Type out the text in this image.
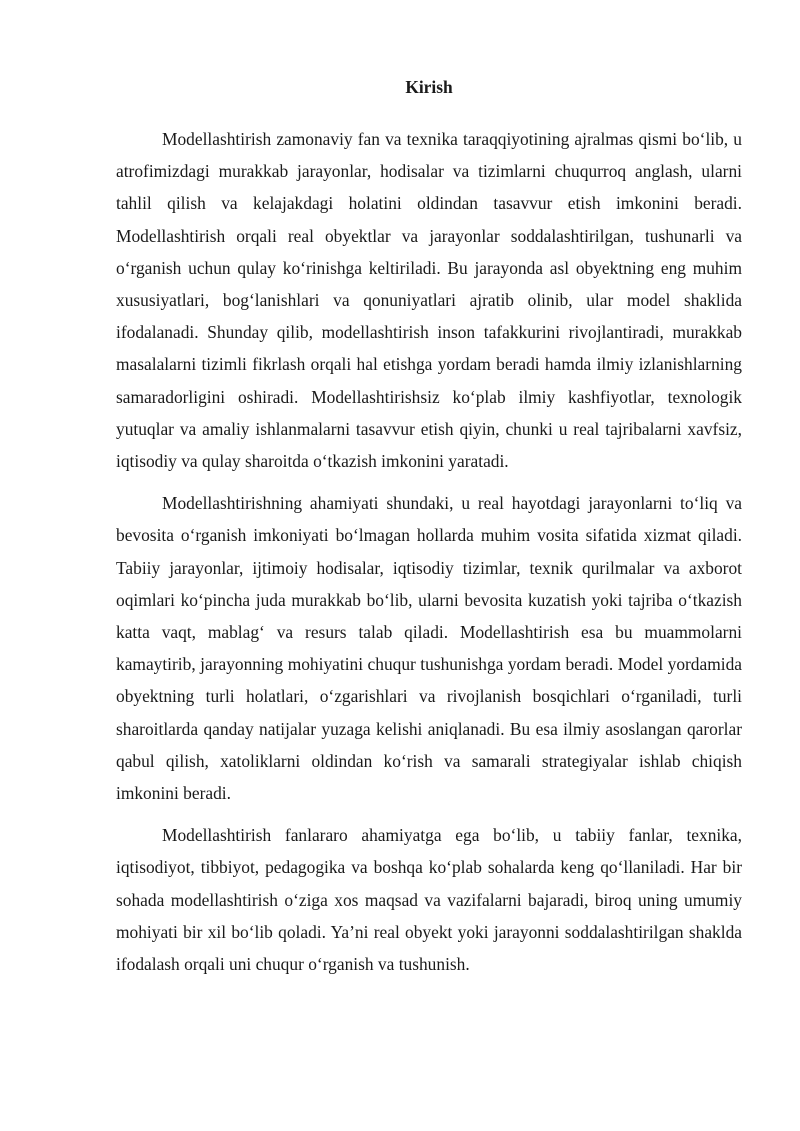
Kirish

Modellashtirish zamonaviy fan va texnika taraqqiyotining ajralmas qismi bo‘lib, u atrofimizdagi murakkab jarayonlar, hodisalar va tizimlarni chuqurroq anglash, ularni tahlil qilish va kelajakdagi holatini oldindan tasavvur etish imkonini beradi. Modellashtirish orqali real obyektlar va jarayonlar soddalashtirilgan, tushunarli va o‘rganish uchun qulay ko‘rinishga keltiriladi. Bu jarayonda asl obyektning eng muhim xususiyatlari, bog‘lanishlari va qonuniyatlari ajratib olinib, ular model shaklida ifodalanadi. Shunday qilib, modellashtirish inson tafakkurini rivojlantiradi, murakkab masalalarni tizimli fikrlash orqali hal etishga yordam beradi hamda ilmiy izlanishlarning samaradorligini oshiradi. Modellashtirishsiz ko‘plab ilmiy kashfiyotlar, texnologik yutuqlar va amaliy ishlanmalarni tasavvur etish qiyin, chunki u real tajribalarni xavfsiz, iqtisodiy va qulay sharoitda o‘tkazish imkonini yaratadi.

Modellashtirishning ahamiyati shundaki, u real hayotdagi jarayonlarni to‘liq va bevosita o‘rganish imkoniyati bo‘lmagan hollarda muhim vosita sifatida xizmat qiladi. Tabiiy jarayonlar, ijtimoiy hodisalar, iqtisodiy tizimlar, texnik qurilmalar va axborot oqimlari ko‘pincha juda murakkab bo‘lib, ularni bevosita kuzatish yoki tajriba o‘tkazish katta vaqt, mablag‘ va resurs talab qiladi. Modellashtirish esa bu muammolarni kamaytirib, jarayonning mohiyatini chuqur tushunishga yordam beradi. Model yordamida obyektning turli holatlari, o‘zgarishlari va rivojlanish bosqichlari o‘rganiladi, turli sharoitlarda qanday natijalar yuzaga kelishi aniqlanadi. Bu esa ilmiy asoslangan qarorlar qabul qilish, xatoliklarni oldindan ko‘rish va samarali strategiyalar ishlab chiqish imkonini beradi.

Modellashtirish fanlararo ahamiyatga ega bo‘lib, u tabiiy fanlar, texnika, iqtisodiyot, tibbiyot, pedagogika va boshqa ko‘plab sohalarda keng qo‘llaniladi. Har bir sohada modellashtirish o‘ziga xos maqsad va vazifalarni bajaradi, biroq uning umumiy mohiyati bir xil bo‘lib qoladi. Ya’ni real obyekt yoki jarayonni soddalashtirilgan shaklda ifodalash orqali uni chuqur o‘rganish va tushunish.
